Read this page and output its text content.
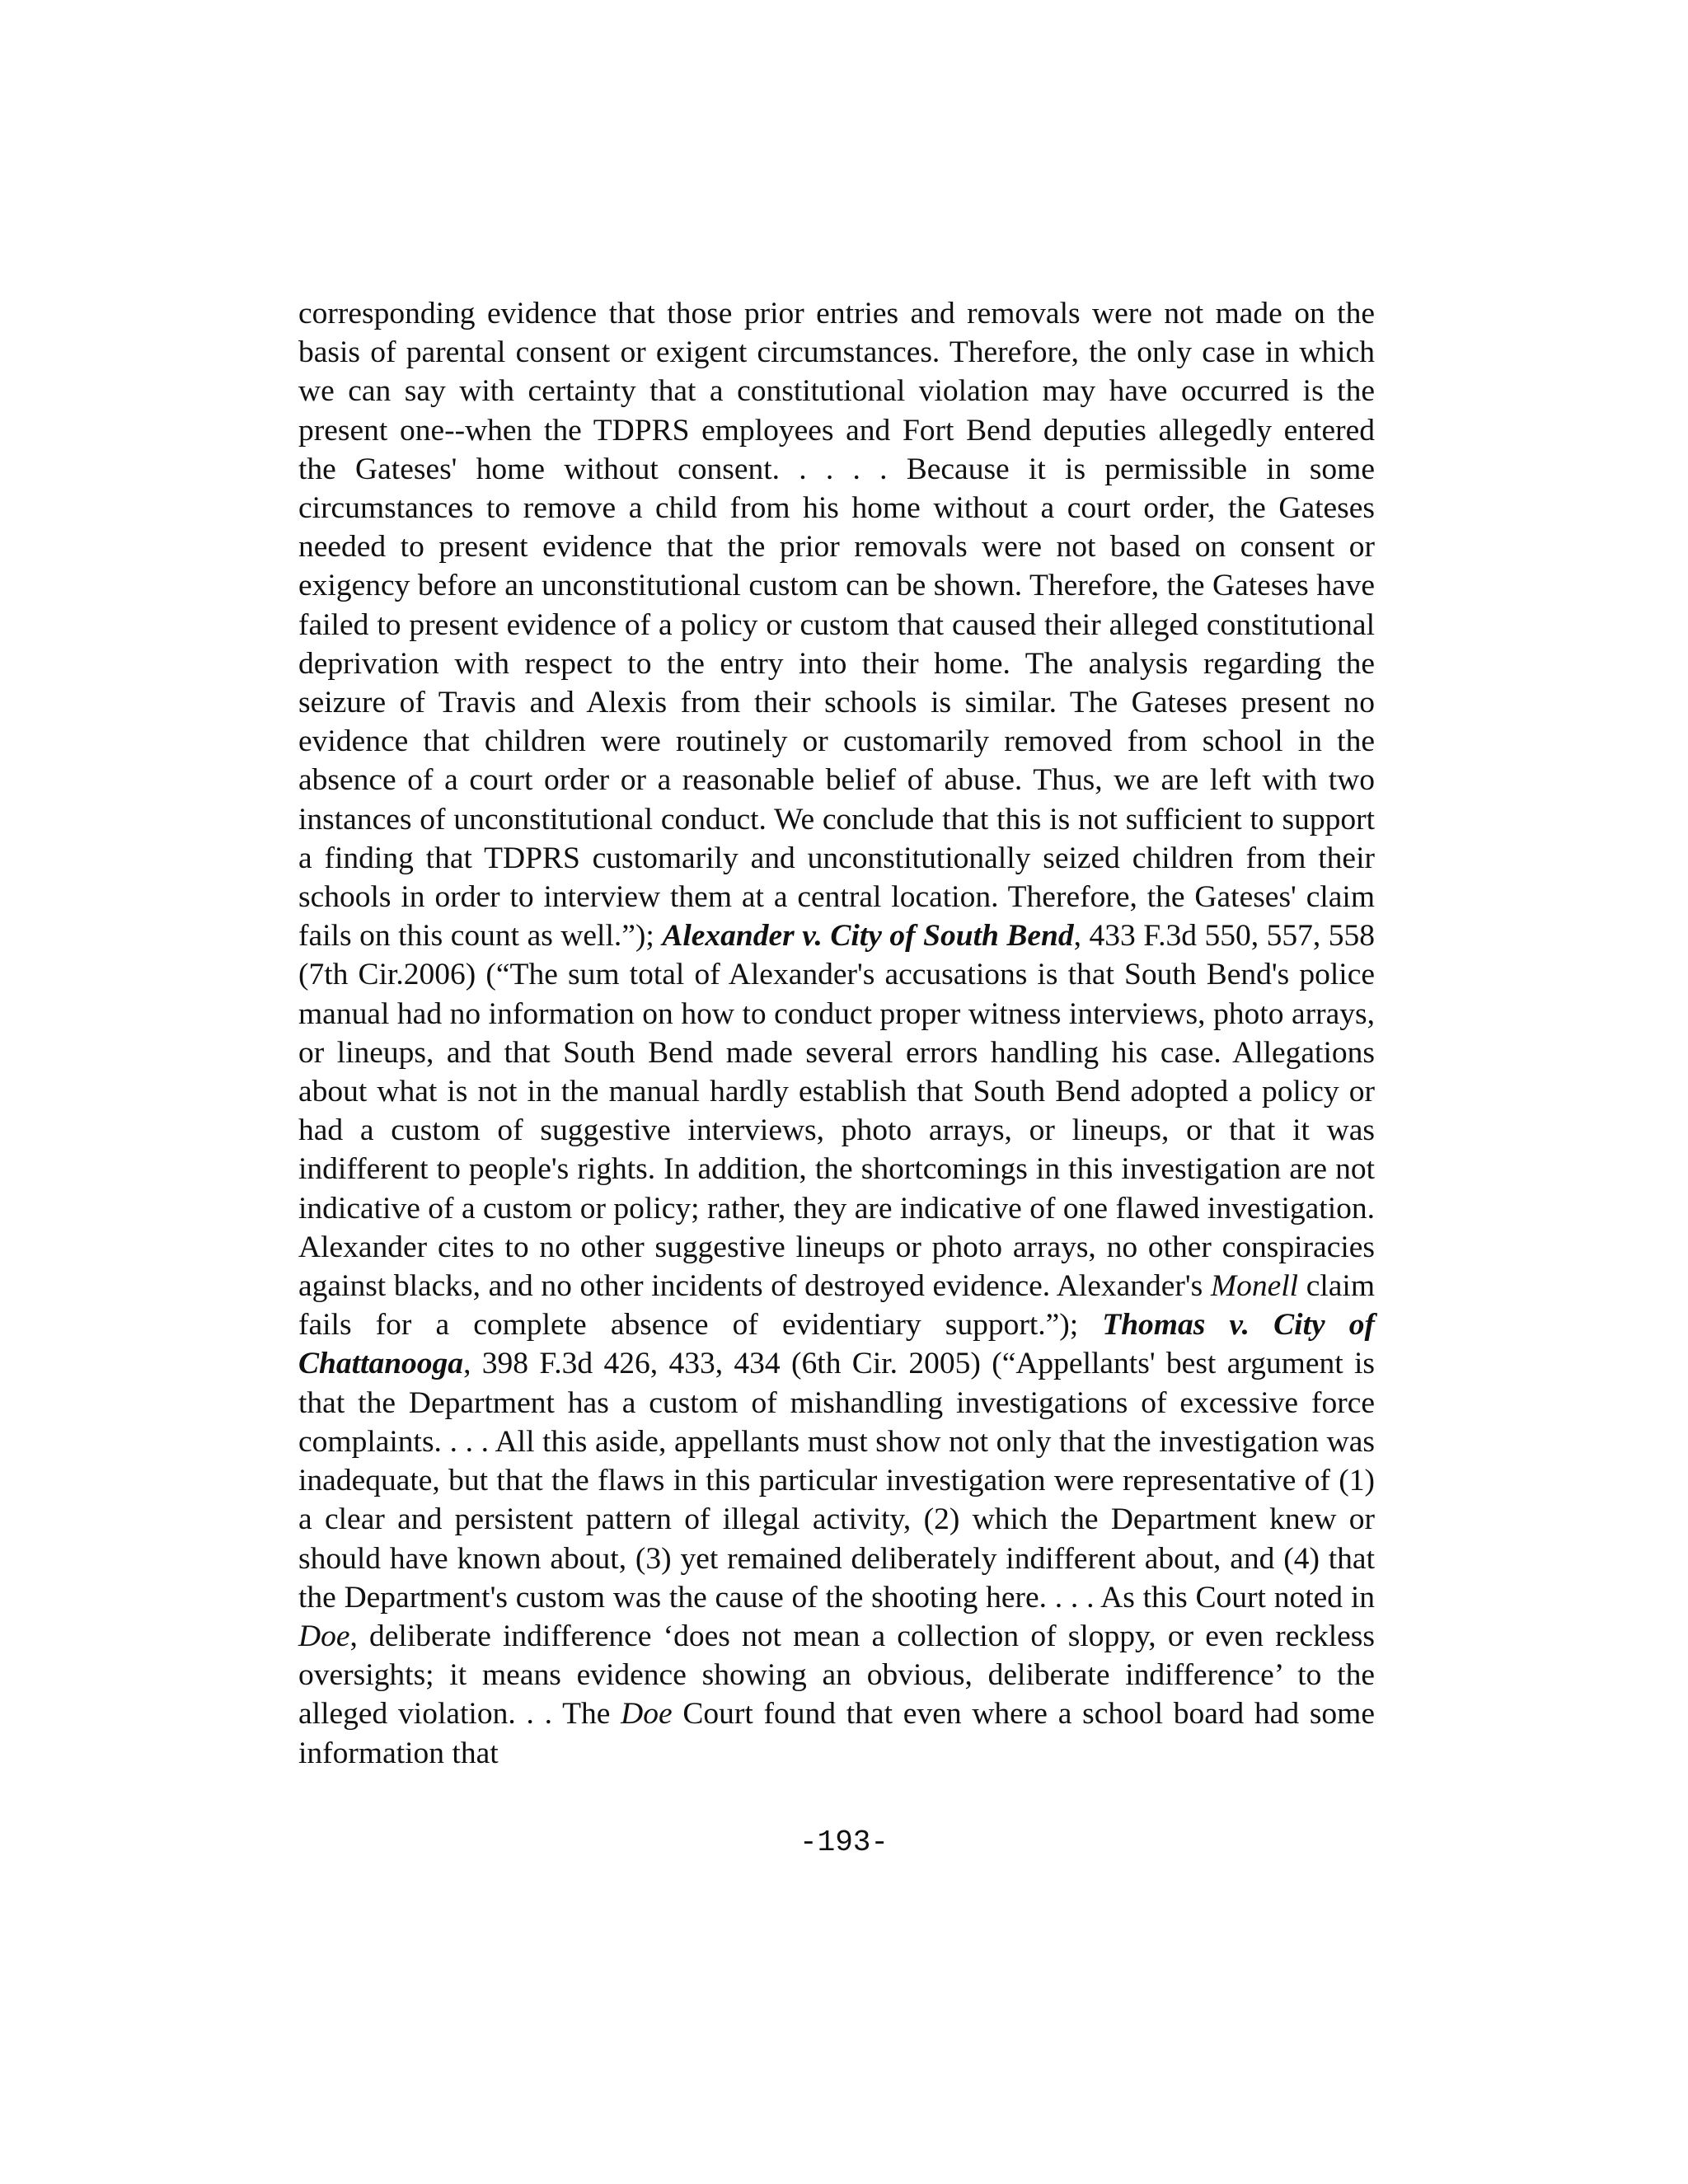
corresponding evidence that those prior entries and removals were not made on the basis of parental consent or exigent circumstances. Therefore, the only case in which we can say with certainty that a constitutional violation may have occurred is the present one--when the TDPRS employees and Fort Bend deputies allegedly entered the Gateses' home without consent. . . . . Because it is permissible in some circumstances to remove a child from his home without a court order, the Gateses needed to present evidence that the prior removals were not based on consent or exigency before an unconstitutional custom can be shown. Therefore, the Gateses have failed to present evidence of a policy or custom that caused their alleged constitutional deprivation with respect to the entry into their home. The analysis regarding the seizure of Travis and Alexis from their schools is similar. The Gateses present no evidence that children were routinely or customarily removed from school in the absence of a court order or a reasonable belief of abuse. Thus, we are left with two instances of unconstitutional conduct. We conclude that this is not sufficient to support a finding that TDPRS customarily and unconstitutionally seized children from their schools in order to interview them at a central location. Therefore, the Gateses' claim fails on this count as well.”); Alexander v. City of South Bend, 433 F.3d 550, 557, 558 (7th Cir.2006) (“The sum total of Alexander's accusations is that South Bend's police manual had no information on how to conduct proper witness interviews, photo arrays, or lineups, and that South Bend made several errors handling his case. Allegations about what is not in the manual hardly establish that South Bend adopted a policy or had a custom of suggestive interviews, photo arrays, or lineups, or that it was indifferent to people's rights. In addition, the shortcomings in this investigation are not indicative of a custom or policy; rather, they are indicative of one flawed investigation. Alexander cites to no other suggestive lineups or photo arrays, no other conspiracies against blacks, and no other incidents of destroyed evidence. Alexander's Monell claim fails for a complete absence of evidentiary support.”); Thomas v. City of Chattanooga, 398 F.3d 426, 433, 434 (6th Cir. 2005) (“Appellants' best argument is that the Department has a custom of mishandling investigations of excessive force complaints. . . . All this aside, appellants must show not only that the investigation was inadequate, but that the flaws in this particular investigation were representative of (1) a clear and persistent pattern of illegal activity, (2) which the Department knew or should have known about, (3) yet remained deliberately indifferent about, and (4) that the Department's custom was the cause of the shooting here. . . . As this Court noted in Doe, deliberate indifference ‘does not mean a collection of sloppy, or even reckless oversights; it means evidence showing an obvious, deliberate indifference’ to the alleged violation. . . The Doe Court found that even where a school board had some information that

-193-
